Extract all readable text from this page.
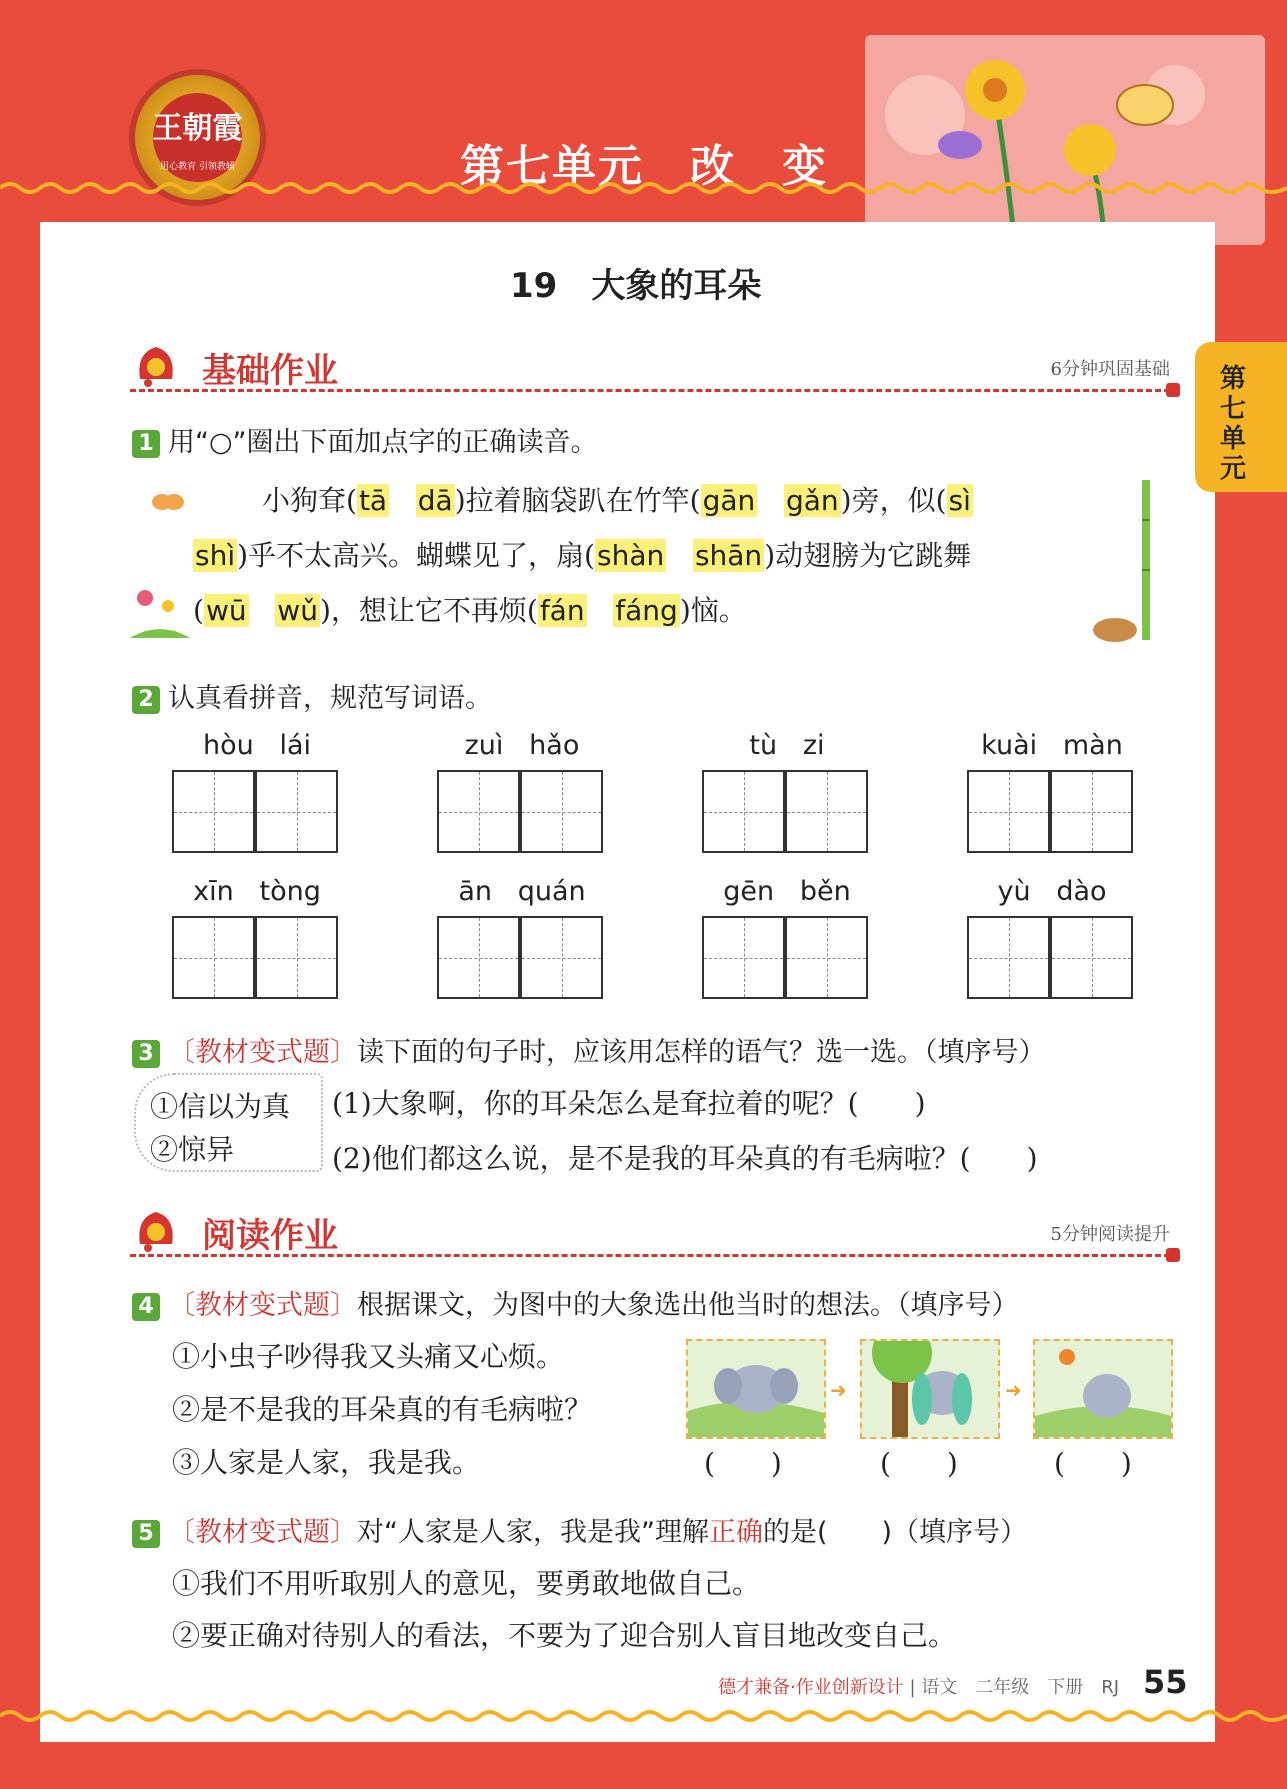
王朝霞
用心教育 引领教辅	第七单元　改　变
第七单元
19　大象的耳朵
基础作业	6分钟巩固基础
1 用“○”圈出下面加点字的正确读音。
小狗耷(tā dā)拉着脑袋趴在竹竿(gān gǎn)旁，似(sì
shì)乎不太高兴。蝴蝶见了，扇(shàn shān)动翅膀为它跳舞
(wū wǔ)，想让它不再烦(fán fáng)恼。
2 认真看拼音，规范写词语。
hòu lái	zuì hǎo	tù zi	kuài màn
xīn tòng	ān quán	gēn běn	yù dào
3 〔教材变式题〕读下面的句子时，应该用怎样的语气？选一选。（填序号）
①信以为真
②惊异
(1)大象啊，你的耳朵怎么是耷拉着的呢？(　　)
(2)他们都这么说，是不是我的耳朵真的有毛病啦？(　　)
阅读作业	5分钟阅读提升
4 〔教材变式题〕根据课文，为图中的大象选出他当时的想法。（填序号）
①小虫子吵得我又头痛又心烦。
②是不是我的耳朵真的有毛病啦？
③人家是人家，我是我。
➜	➜
(　　)	(　　)	(　　)
5 〔教材变式题〕对“人家是人家，我是我”理解正确的是(　　)（填序号）
①我们不用听取别人的意见，要勇敢地做自己。
②要正确对待别人的看法，不要为了迎合别人盲目地改变自己。
德才兼备·作业创新设计 | 语文　二年级　下册　RJ 55
